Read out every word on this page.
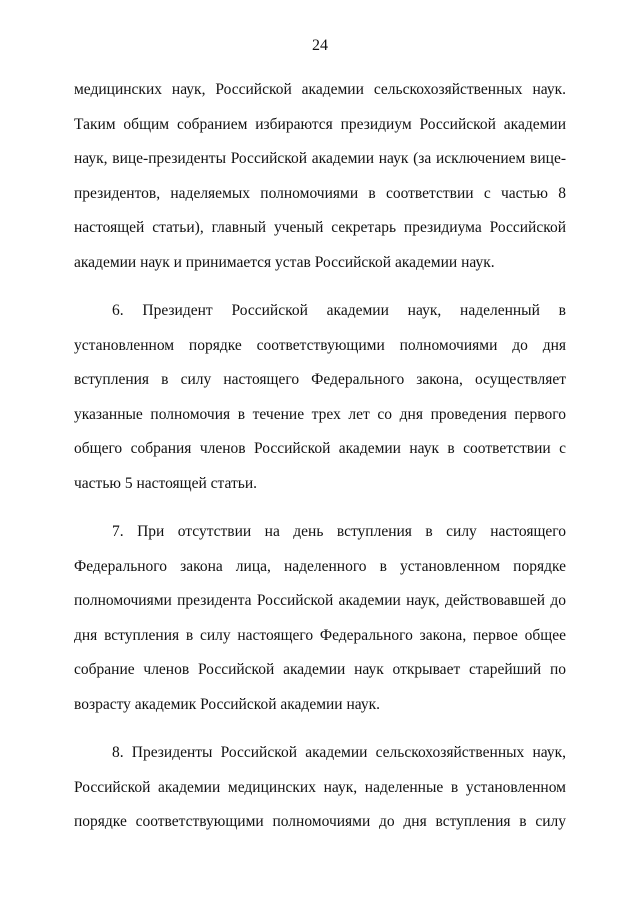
24
медицинских наук, Российской академии сельскохозяйственных наук.
Таким общим собранием избираются президиум Российской академии
наук, вице-президенты Российской академии наук (за исключением вице-
президентов, наделяемых полномочиями в соответствии с частью 8
настоящей статьи), главный ученый секретарь президиума Российской
академии наук и принимается устав Российской академии наук.
6. Президент Российской академии наук, наделенный в
установленном порядке соответствующими полномочиями до дня
вступления в силу настоящего Федерального закона, осуществляет
указанные полномочия в течение трех лет со дня проведения первого
общего собрания членов Российской академии наук в соответствии с
частью 5 настоящей статьи.
7. При отсутствии на день вступления в силу настоящего
Федерального закона лица, наделенного в установленном порядке
полномочиями президента Российской академии наук, действовавшей до
дня вступления в силу настоящего Федерального закона, первое общее
собрание членов Российской академии наук открывает старейший по
возрасту академик Российской академии наук.
8. Президенты Российской академии сельскохозяйственных наук,
Российской академии медицинских наук, наделенные в установленном
порядке соответствующими полномочиями до дня вступления в силу
